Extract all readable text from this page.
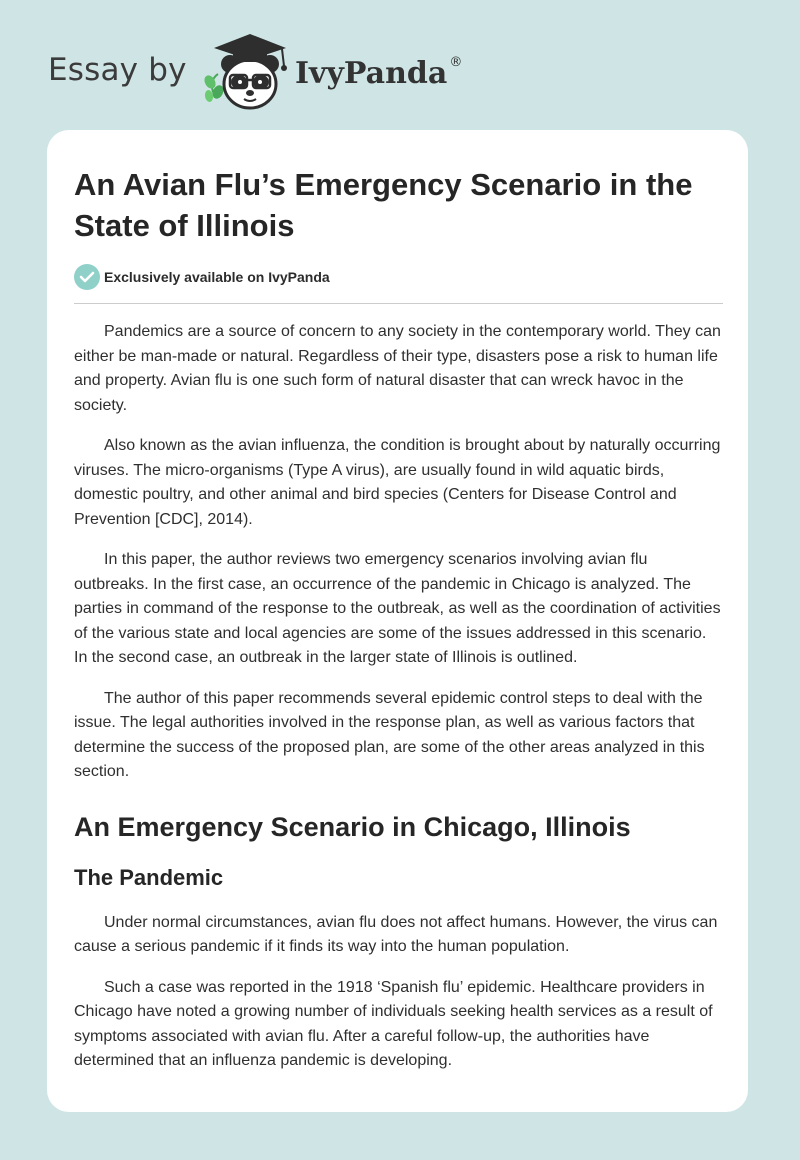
Essay by	IvyPanda ®
An Avian Flu’s Emergency Scenario in the State of Illinois
Exclusively available on IvyPanda

Pandemics are a source of concern to any society in the contemporary world. They can either be man-made or natural. Regardless of their type, disasters pose a risk to human life and property. Avian flu is one such form of natural disaster that can wreck havoc in the society.

Also known as the avian influenza, the condition is brought about by naturally occurring viruses. The micro-organisms (Type A virus), are usually found in wild aquatic birds, domestic poultry, and other animal and bird species (Centers for Disease Control and Prevention [CDC], 2014).

In this paper, the author reviews two emergency scenarios involving avian flu outbreaks. In the first case, an occurrence of the pandemic in Chicago is analyzed. The parties in command of the response to the outbreak, as well as the coordination of activities of the various state and local agencies are some of the issues addressed in this scenario. In the second case, an outbreak in the larger state of Illinois is outlined.

The author of this paper recommends several epidemic control steps to deal with the issue. The legal authorities involved in the response plan, as well as various factors that determine the success of the proposed plan, are some of the other areas analyzed in this section.

An Emergency Scenario in Chicago, Illinois
The Pandemic

Under normal circumstances, avian flu does not affect humans. However, the virus can cause a serious pandemic if it finds its way into the human population.

Such a case was reported in the 1918 ‘Spanish flu’ epidemic. Healthcare providers in Chicago have noted a growing number of individuals seeking health services as a result of symptoms associated with avian flu. After a careful follow-up, the authorities have determined that an influenza pandemic is developing.
